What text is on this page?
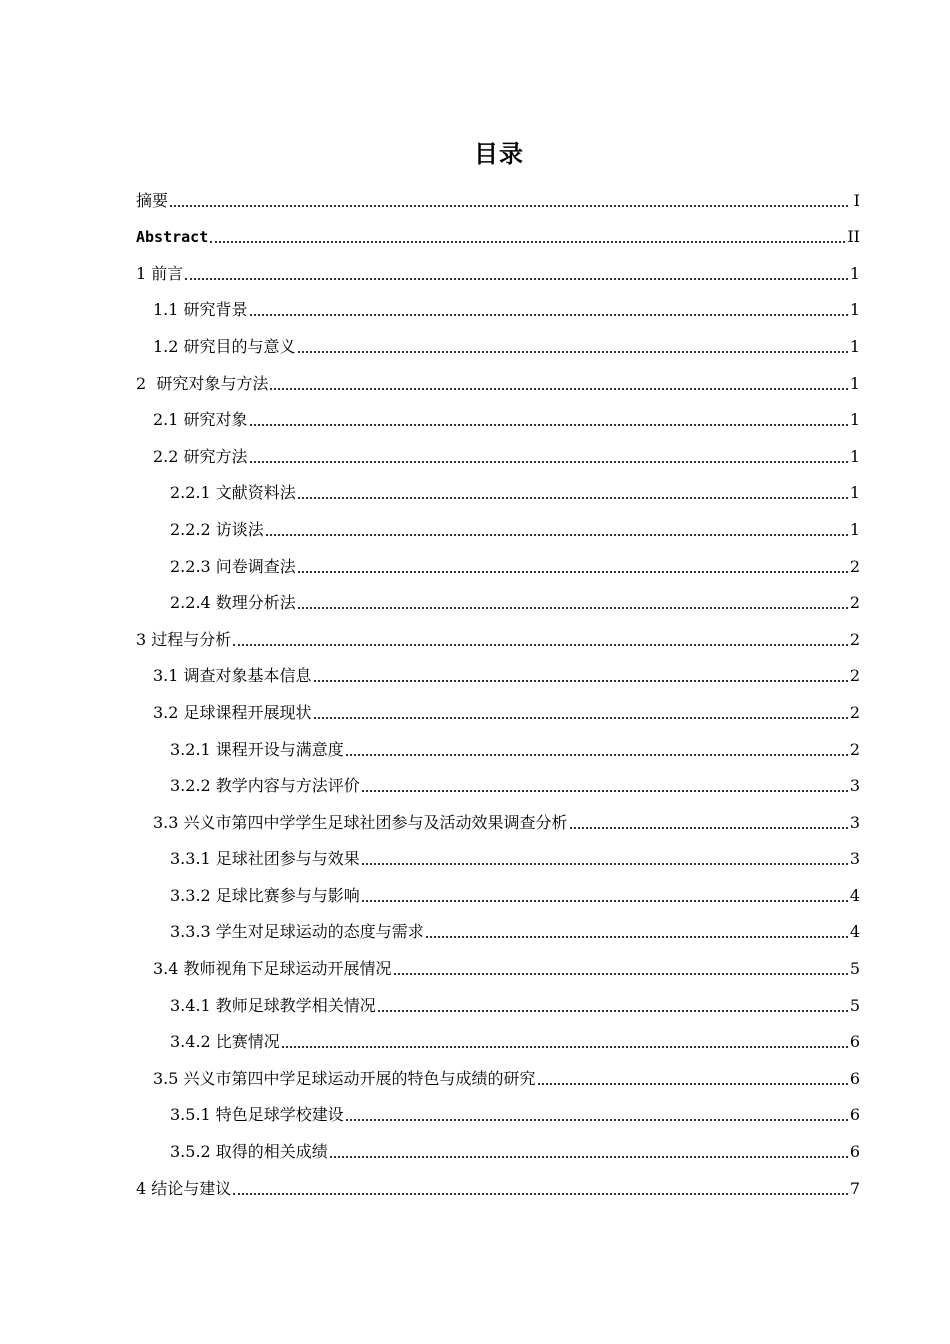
目录
摘要	I
Abstract	II
1 前言	1
1.1 研究背景	1
1.2 研究目的与意义	1
2  研究对象与方法	1
2.1 研究对象	1
2.2 研究方法	1
2.2.1 文献资料法	1
2.2.2 访谈法	1
2.2.3 问卷调查法	2
2.2.4 数理分析法	2
3 过程与分析	2
3.1 调查对象基本信息	2
3.2 足球课程开展现状	2
3.2.1 课程开设与满意度	2
3.2.2 教学内容与方法评价	3
3.3 兴义市第四中学学生足球社团参与及活动效果调查分析	3
3.3.1 足球社团参与与效果	3
3.3.2 足球比赛参与与影响	4
3.3.3 学生对足球运动的态度与需求	4
3.4 教师视角下足球运动开展情况	5
3.4.1 教师足球教学相关情况	5
3.4.2 比赛情况	6
3.5 兴义市第四中学足球运动开展的特色与成绩的研究	6
3.5.1 特色足球学校建设	6
3.5.2 取得的相关成绩	6
4 结论与建议	7
